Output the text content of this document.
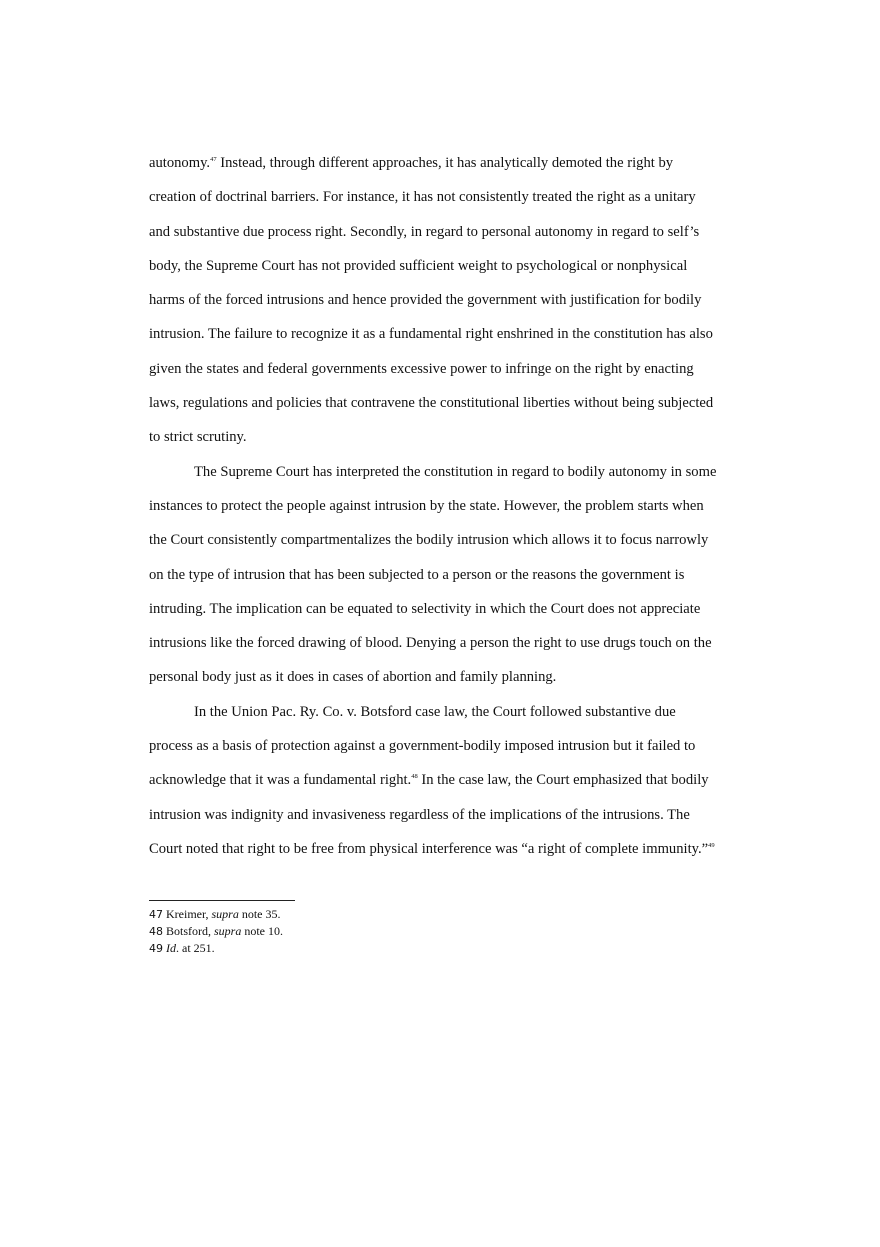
autonomy.$^{47}$ Instead, through different approaches, it has analytically demoted the right by
creation of doctrinal barriers. For instance, it has not consistently treated the right as a unitary
and substantive due process right. Secondly, in regard to personal autonomy in regard to self’s
body, the Supreme Court has not provided sufficient weight to psychological or nonphysical
harms of the forced intrusions and hence provided the government with justification for bodily
intrusion. The failure to recognize it as a fundamental right enshrined in the constitution has also
given the states and federal governments excessive power to infringe on the right by enacting
laws, regulations and policies that contravene the constitutional liberties without being subjected
to strict scrutiny.

The Supreme Court has interpreted the constitution in regard to bodily autonomy in some
instances to protect the people against intrusion by the state. However, the problem starts when
the Court consistently compartmentalizes the bodily intrusion which allows it to focus narrowly
on the type of intrusion that has been subjected to a person or the reasons the government is
intruding. The implication can be equated to selectivity in which the Court does not appreciate
intrusions like the forced drawing of blood. Denying a person the right to use drugs touch on the
personal body just as it does in cases of abortion and family planning.

In the Union Pac. Ry. Co. v. Botsford case law, the Court followed substantive due
process as a basis of protection against a government-bodily imposed intrusion but it failed to
acknowledge that it was a fundamental right.$^{48}$ In the case law, the Court emphasized that bodily
intrusion was indignity and invasiveness regardless of the implications of the intrusions. The
Court noted that right to be free from physical interference was “a right of complete immunity.”$^{49}$

47 Kreimer, supra note 35.

48 Botsford, supra note 10.

49 Id. at 251.
